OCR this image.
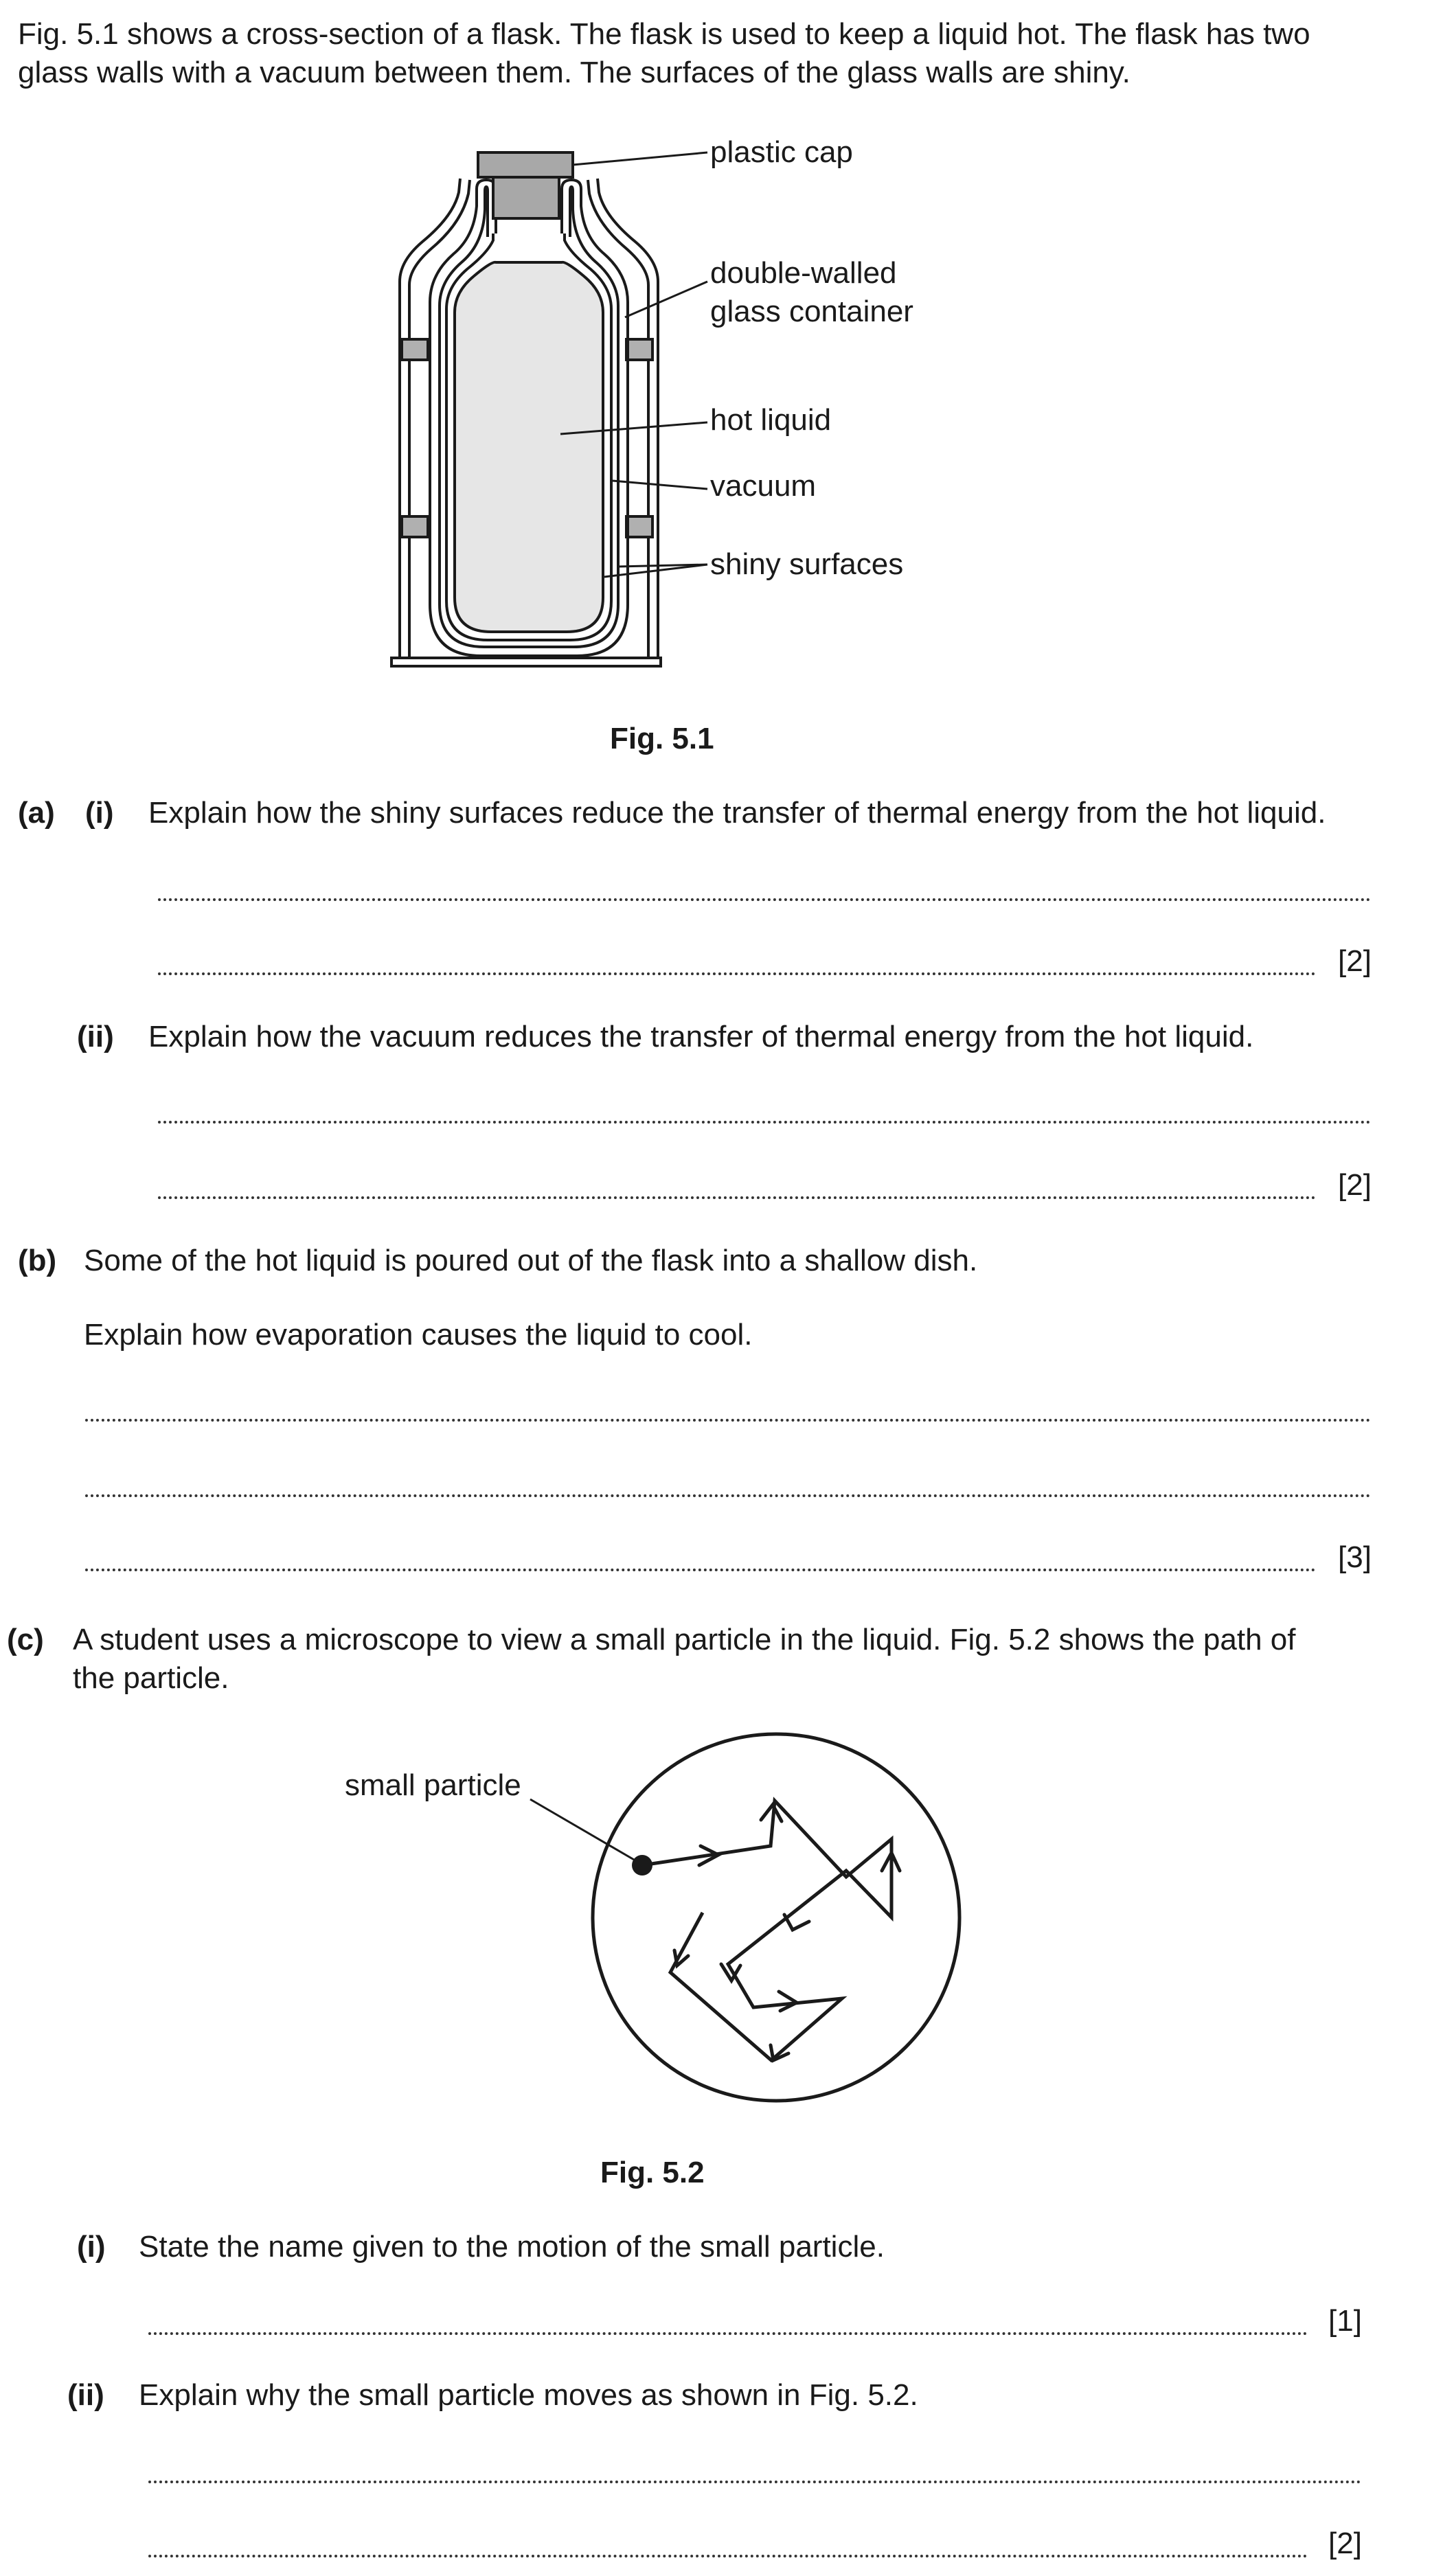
Fig. 5.1 shows a cross-section of a flask. The flask is used to keep a liquid hot. The flask has two
glass walls with a vacuum between them. The surfaces of the glass walls are shiny.
plastic cap
double-walled
glass container
hot liquid
vacuum
shiny surfaces
Fig. 5.1
(a) (i) Explain how the shiny surfaces reduce the transfer of thermal energy from the hot liquid.
[2]
(ii) Explain how the vacuum reduces the transfer of thermal energy from the hot liquid.
[2]
(b) Some of the hot liquid is poured out of the flask into a shallow dish.
Explain how evaporation causes the liquid to cool.
[3]
(c) A student uses a microscope to view a small particle in the liquid. Fig. 5.2 shows the path of
the particle.
small particle
Fig. 5.2
(i) State the name given to the motion of the small particle.
[1]
(ii) Explain why the small particle moves as shown in Fig. 5.2.
[2]
